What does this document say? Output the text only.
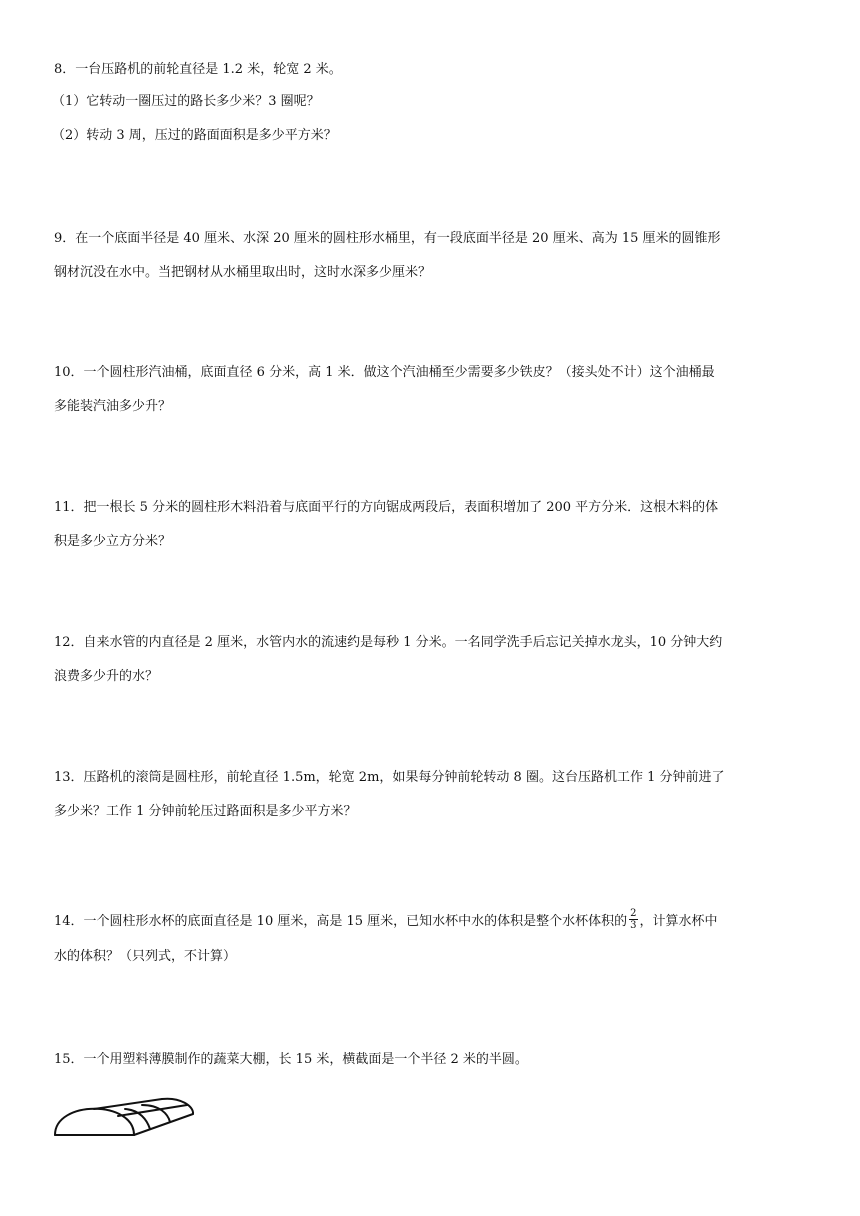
8．一台压路机的前轮直径是 1.2 米，轮宽 2 米。
（1）它转动一圈压过的路长多少米？3 圈呢？
（2）转动 3 周，压过的路面面积是多少平方米？
9．在一个底面半径是 40 厘米、水深 20 厘米的圆柱形水桶里，有一段底面半径是 20 厘米、高为 15 厘米的圆锥形
钢材沉没在水中。当把钢材从水桶里取出时，这时水深多少厘米？
10．一个圆柱形汽油桶，底面直径 6 分米，高 1 米．做这个汽油桶至少需要多少铁皮？（接头处不计）这个油桶最
多能装汽油多少升？
11．把一根长 5 分米的圆柱形木料沿着与底面平行的方向锯成两段后，表面积增加了 200 平方分米．这根木料的体
积是多少立方分米？
12．自来水管的内直径是 2 厘米，水管内水的流速约是每秒 1 分米。一名同学洗手后忘记关掉水龙头，10 分钟大约
浪费多少升的水？
13．压路机的滚筒是圆柱形，前轮直径 1.5m，轮宽 2m，如果每分钟前轮转动 8 圈。这台压路机工作 1 分钟前进了
多少米？工作 1 分钟前轮压过路面积是多少平方米？
14．一个圆柱形水杯的底面直径是 10 厘米，高是 15 厘米，已知水杯中水的体积是整个水杯体积的 $\frac{2}{3}$ ，计算水杯中
水的体积？（只列式，不计算）
15．一个用塑料薄膜制作的蔬菜大棚，长 15 米，横截面是一个半径 2 米的半圆。
